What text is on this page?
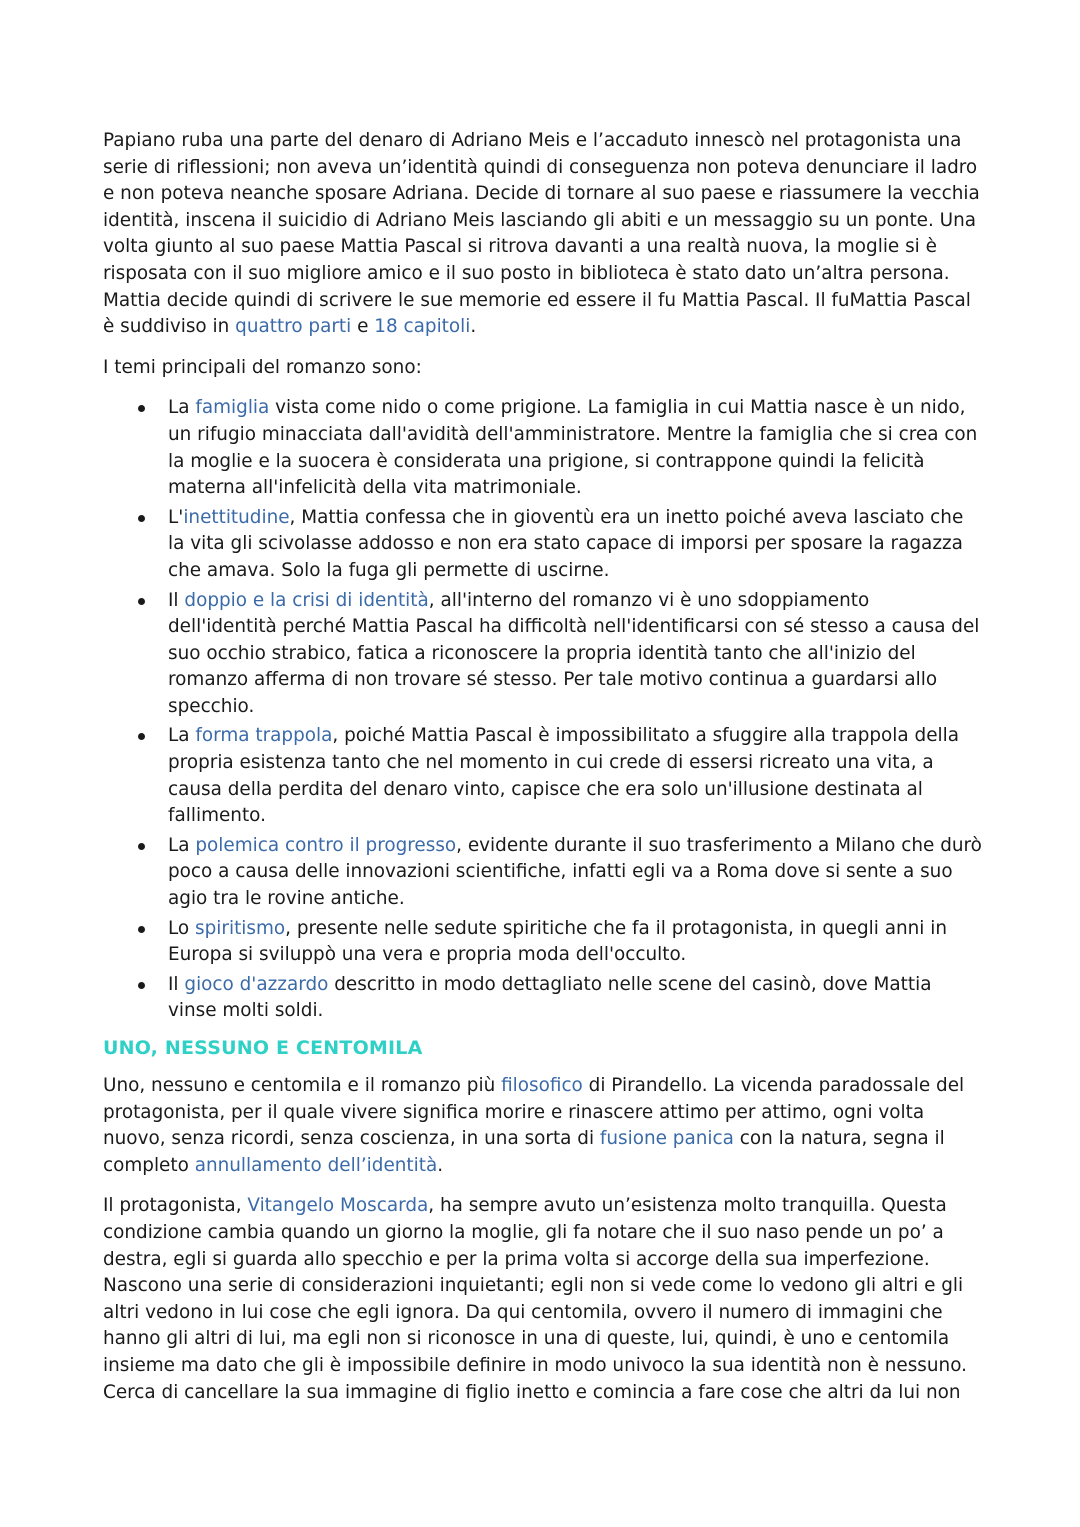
Papiano ruba una parte del denaro di Adriano Meis e l’accaduto innescò nel protagonista una serie di riflessioni; non aveva un’identità quindi di conseguenza non poteva denunciare il ladro e non poteva neanche sposare Adriana. Decide di tornare al suo paese e riassumere la vecchia identità, inscena il suicidio di Adriano Meis lasciando gli abiti e un messaggio su un ponte. Una volta giunto al suo paese Mattia Pascal si ritrova davanti a una realtà nuova, la moglie si è risposata con il suo migliore amico e il suo posto in biblioteca è stato dato un’altra persona. Mattia decide quindi di scrivere le sue memorie ed essere il fu Mattia Pascal. Il fuMattia Pascal è suddiviso in quattro parti e 18 capitoli.

I temi principali del romanzo sono:

La famiglia vista come nido o come prigione. La famiglia in cui Mattia nasce è un nido, un rifugio minacciata dall'avidità dell'amministratore. Mentre la famiglia che si crea con la moglie e la suocera è considerata una prigione, si contrappone quindi la felicità materna all'infelicità della vita matrimoniale.
L'inettitudine, Mattia confessa che in gioventù era un inetto poiché aveva lasciato che la vita gli scivolasse addosso e non era stato capace di imporsi per sposare la ragazza che amava. Solo la fuga gli permette di uscirne.
Il doppio e la crisi di identità, all'interno del romanzo vi è uno sdoppiamento dell'identità perché Mattia Pascal ha difficoltà nell'identificarsi con sé stesso a causa del suo occhio strabico, fatica a riconoscere la propria identità tanto che all'inizio del romanzo afferma di non trovare sé stesso. Per tale motivo continua a guardarsi allo specchio.
La forma trappola, poiché Mattia Pascal è impossibilitato a sfuggire alla trappola della propria esistenza tanto che nel momento in cui crede di essersi ricreato una vita, a causa della perdita del denaro vinto, capisce che era solo un'illusione destinata al fallimento.
La polemica contro il progresso, evidente durante il suo trasferimento a Milano che durò poco a causa delle innovazioni scientifiche, infatti egli va a Roma dove si sente a suo agio tra le rovine antiche.
Lo spiritismo, presente nelle sedute spiritiche che fa il protagonista, in quegli anni in Europa si sviluppò una vera e propria moda dell'occulto.
Il gioco d'azzardo descritto in modo dettagliato nelle scene del casinò, dove Mattia vinse molti soldi.
UNO, NESSUNO E CENTOMILA

Uno, nessuno e centomila e il romanzo più filosofico di Pirandello. La vicenda paradossale del protagonista, per il quale vivere significa morire e rinascere attimo per attimo, ogni volta nuovo, senza ricordi, senza coscienza, in una sorta di fusione panica con la natura, segna il completo annullamento dell’identità.

Il protagonista, Vitangelo Moscarda, ha sempre avuto un’esistenza molto tranquilla. Questa condizione cambia quando un giorno la moglie, gli fa notare che il suo naso pende un po’ a destra, egli si guarda allo specchio e per la prima volta si accorge della sua imperfezione. Nascono una serie di considerazioni inquietanti; egli non si vede come lo vedono gli altri e gli altri vedono in lui cose che egli ignora. Da qui centomila, ovvero il numero di immagini che hanno gli altri di lui, ma egli non si riconosce in una di queste, lui, quindi, è uno e centomila insieme ma dato che gli è impossibile definire in modo univoco la sua identità non è nessuno. Cerca di cancellare la sua immagine di figlio inetto e comincia a fare cose che altri da lui non
